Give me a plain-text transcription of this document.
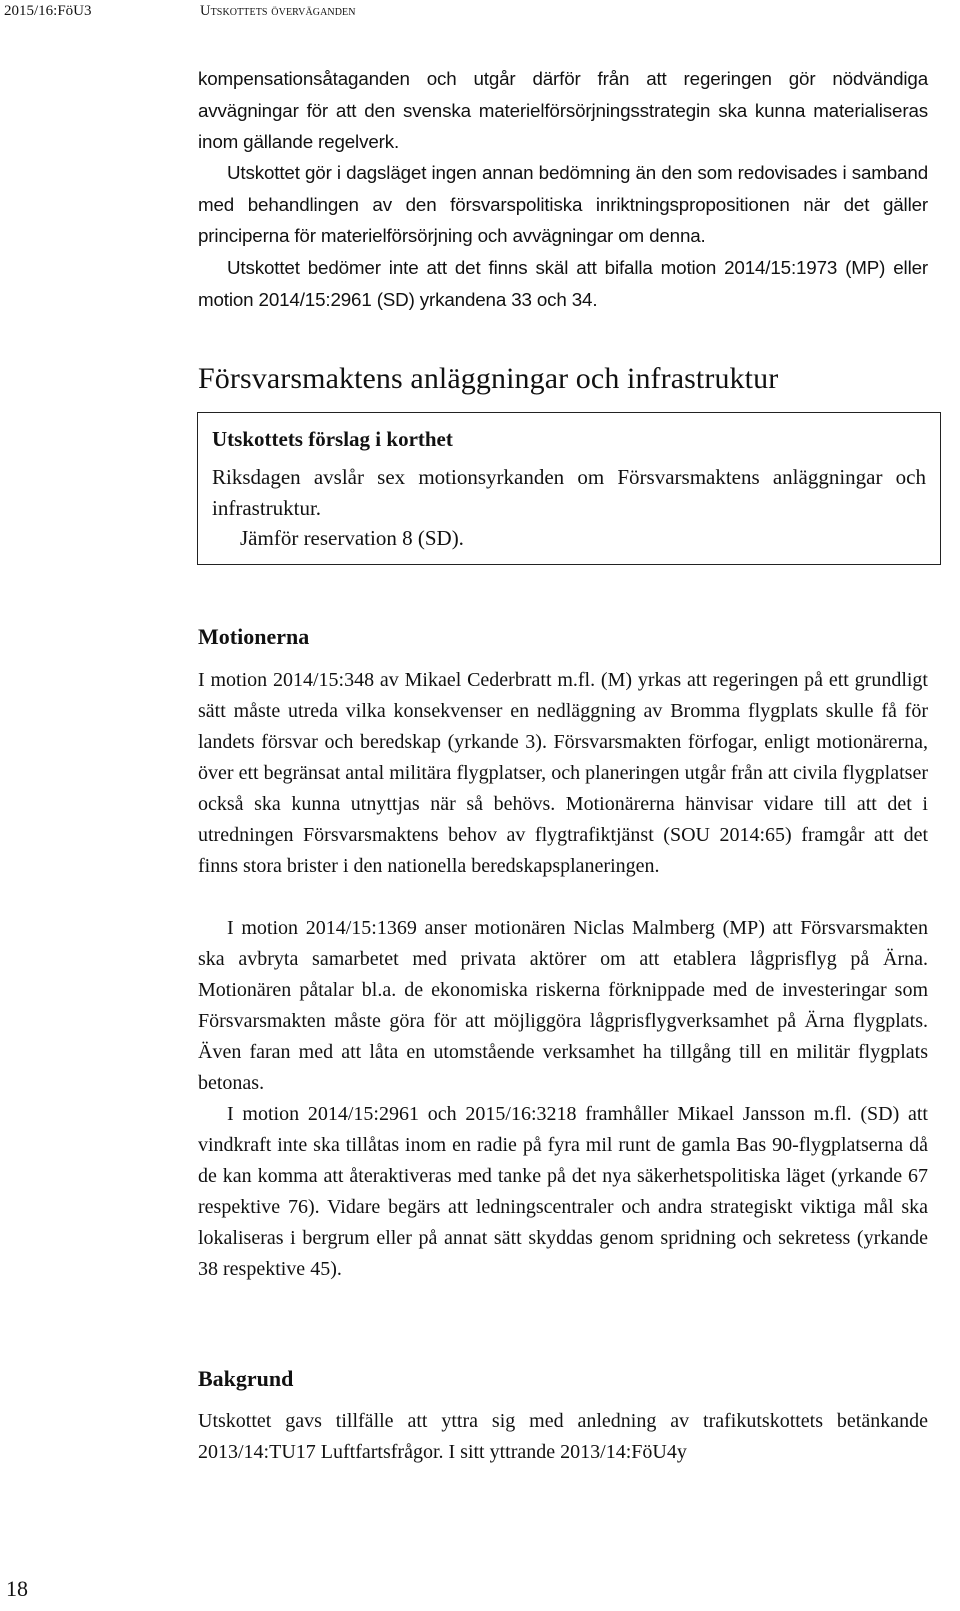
2015/16:FöU3	Utskottets överväganden

kompensationsåtaganden och utgår därför från att regeringen gör nödvändiga avvägningar för att den svenska materielförsörjningsstrategin ska kunna materialiseras inom gällande regelverk.

Utskottet gör i dagsläget ingen annan bedömning än den som redovisades i samband med behandlingen av den försvarspolitiska inriktningspropositionen när det gäller principerna för materielförsörjning och avvägningar om denna.

Utskottet bedömer inte att det finns skäl att bifalla motion 2014/15:1973 (MP) eller motion 2014/15:2961 (SD) yrkandena 33 och 34.

Försvarsmaktens anläggningar och infrastruktur
Motionerna

I motion 2014/15:348 av Mikael Cederbratt m.fl. (M) yrkas att regeringen på ett grundligt sätt måste utreda vilka konsekvenser en nedläggning av Bromma flygplats skulle få för landets försvar och beredskap (yrkande 3). Försvarsmakten förfogar, enligt motionärerna, över ett begränsat antal militära flygplatser, och planeringen utgår från att civila flygplatser också ska kunna utnyttjas när så behövs. Motionärerna hänvisar vidare till att det i utredningen Försvarsmaktens behov av flygtrafiktjänst (SOU 2014:65) framgår att det finns stora brister i den nationella beredskapsplaneringen.

I motion 2014/15:1369 anser motionären Niclas Malmberg (MP) att Försvarsmakten ska avbryta samarbetet med privata aktörer om att etablera lågprisflyg på Ärna. Motionären påtalar bl.a. de ekonomiska riskerna förknippade med de investeringar som Försvarsmakten måste göra för att möjliggöra lågprisflygverksamhet på Ärna flygplats. Även faran med att låta en utomstående verksamhet ha tillgång till en militär flygplats betonas.

I motion 2014/15:2961 och 2015/16:3218 framhåller Mikael Jansson m.fl. (SD) att vindkraft inte ska tillåtas inom en radie på fyra mil runt de gamla Bas 90-flygplatserna då de kan komma att återaktiveras med tanke på det nya säkerhetspolitiska läget (yrkande 67 respektive 76). Vidare begärs att ledningscentraler och andra strategiskt viktiga mål ska lokaliseras i bergrum eller på annat sätt skyddas genom spridning och sekretess (yrkande 38 respektive 45).

Bakgrund

Utskottet gavs tillfälle att yttra sig med anledning av trafikutskottets betänkande 2013/14:TU17 Luftfartsfrågor. I sitt yttrande 2013/14:FöU4y

Utskottets förslag i korthet

Riksdagen avslår sex motionsyrkanden om Försvarsmaktens anläggningar och infrastruktur.

Jämför reservation 8 (SD).

18
